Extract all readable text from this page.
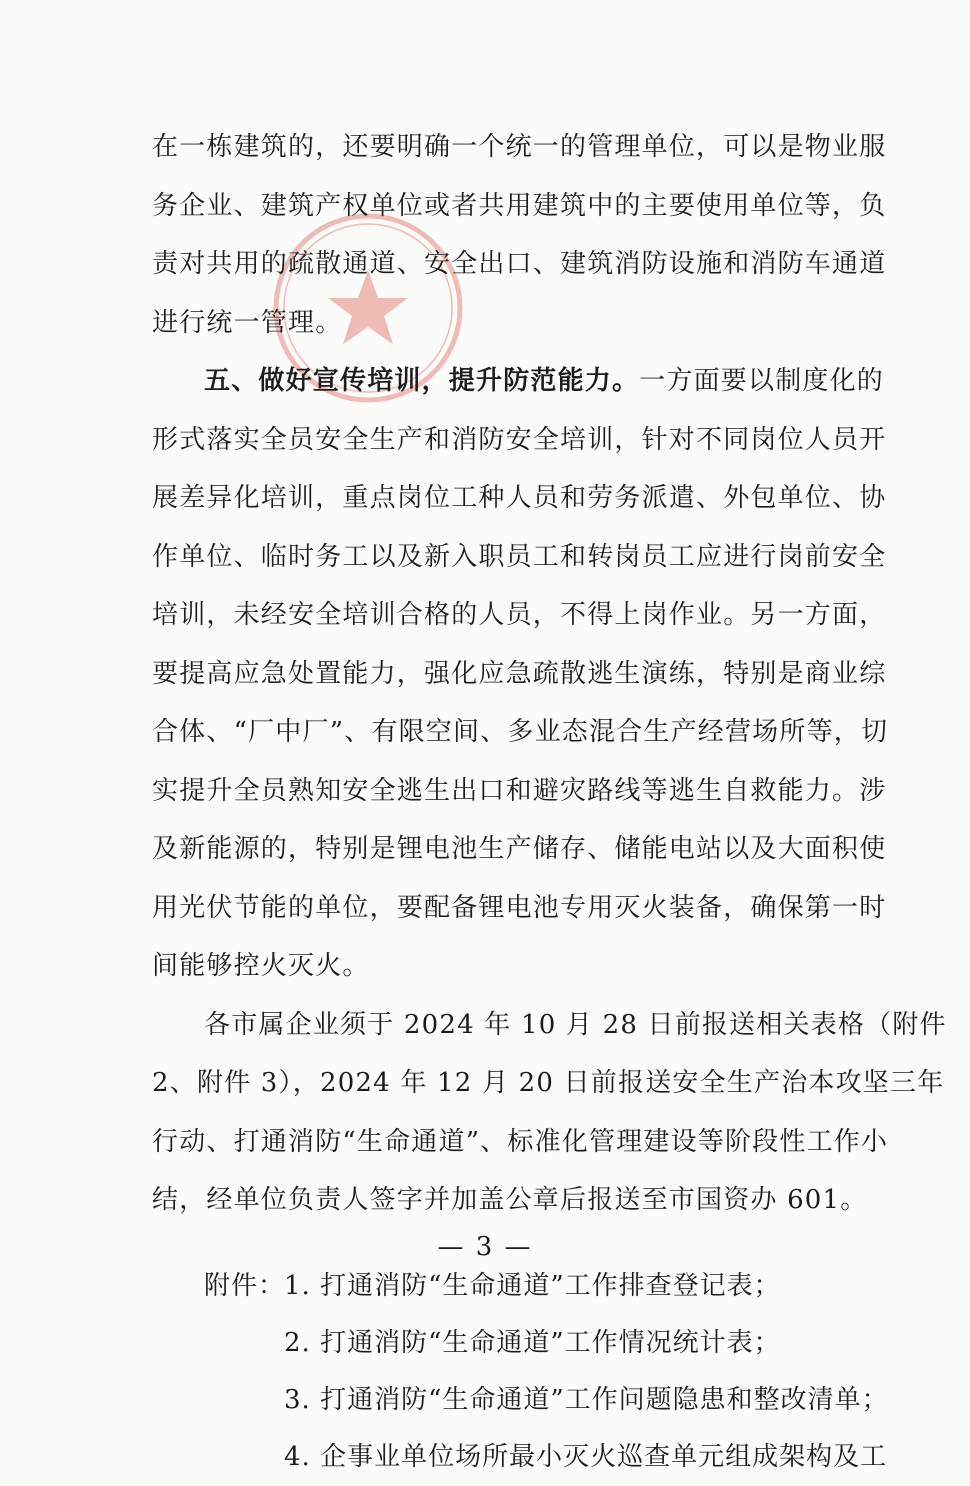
在一栋建筑的，还要明确一个统一的管理单位，可以是物业服
务企业、建筑产权单位或者共用建筑中的主要使用单位等，负
责对共用的疏散通道、安全出口、建筑消防设施和消防车通道
进行统一管理。
五、做好宣传培训，提升防范能力。一方面要以制度化的
形式落实全员安全生产和消防安全培训，针对不同岗位人员开
展差异化培训，重点岗位工种人员和劳务派遣、外包单位、协
作单位、临时务工以及新入职员工和转岗员工应进行岗前安全
培训，未经安全培训合格的人员，不得上岗作业。另一方面，
要提高应急处置能力，强化应急疏散逃生演练，特别是商业综
合体、“厂中厂”、有限空间、多业态混合生产经营场所等，切
实提升全员熟知安全逃生出口和避灾路线等逃生自救能力。涉
及新能源的，特别是锂电池生产储存、储能电站以及大面积使
用光伏节能的单位，要配备锂电池专用灭火装备，确保第一时
间能够控火灭火。
各市属企业须于 2024 年 10 月 28 日前报送相关表格（附件
2、附件 3），2024 年 12 月 20 日前报送安全生产治本攻坚三年
行动、打通消防“生命通道”、标准化管理建设等阶段性工作小
结，经单位负责人签字并加盖公章后报送至市国资办 601。
附件：1. 打通消防“生命通道”工作排查登记表；
2. 打通消防“生命通道”工作情况统计表；
3. 打通消防“生命通道”工作问题隐患和整改清单；
4. 企事业单位场所最小灭火巡查单元组成架构及工
— 3 —
